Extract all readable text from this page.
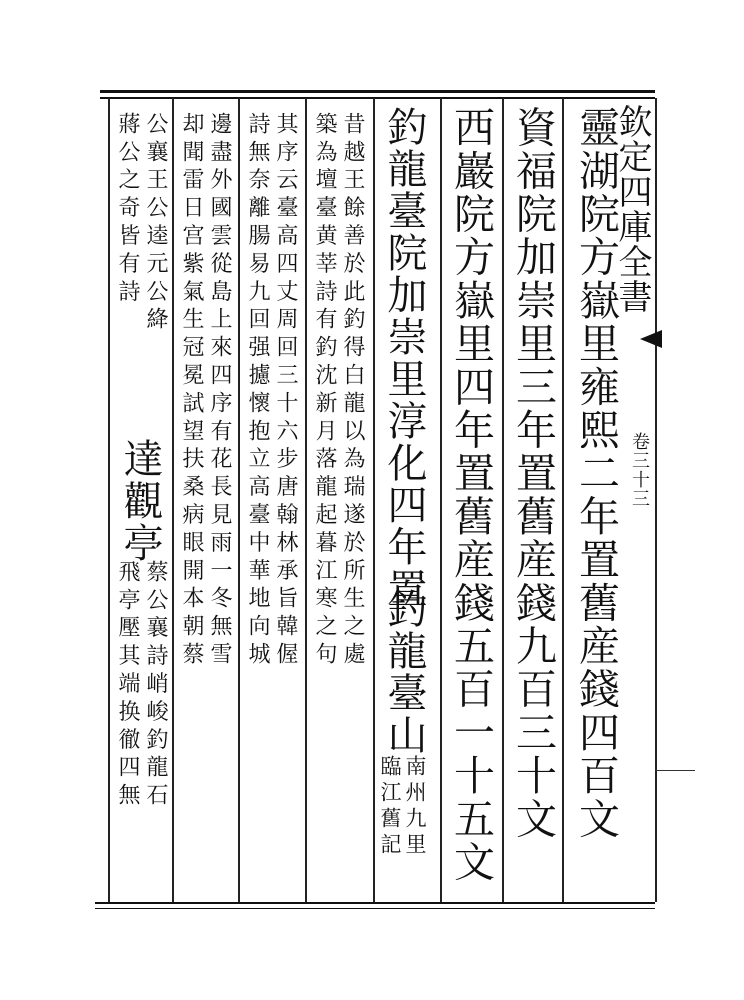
欽定四庫全書
卷三十三

靈湖院方嶽里雍熙二年置舊産錢四百文

資福院加崇里三年置舊産錢九百三十文

西巖院方嶽里四年置舊産錢五百一十五文

釣龍臺院加崇里淳化四年置

釣龍臺山

南州九里

臨江舊記

昔越王餘善於此釣得白龍以為瑞遂於所生之處

築為壇臺黄莘詩有釣沈新月落龍起暮江寒之句

其序云臺高四丈周回三十六步唐翰林承旨韓偓

詩無奈離腸易九回强攄懷抱立高臺中華地向城

邊盡外國雲從島上來四序有花長見雨一冬無雪

却聞雷日宫紫氣生冠冕試望扶桑病眼開本朝蔡

公襄王公逵元公絳

蔣公之奇皆有詩

達觀亭

蔡公襄詩峭峻釣龍石

飛亭壓其端换徹四無
